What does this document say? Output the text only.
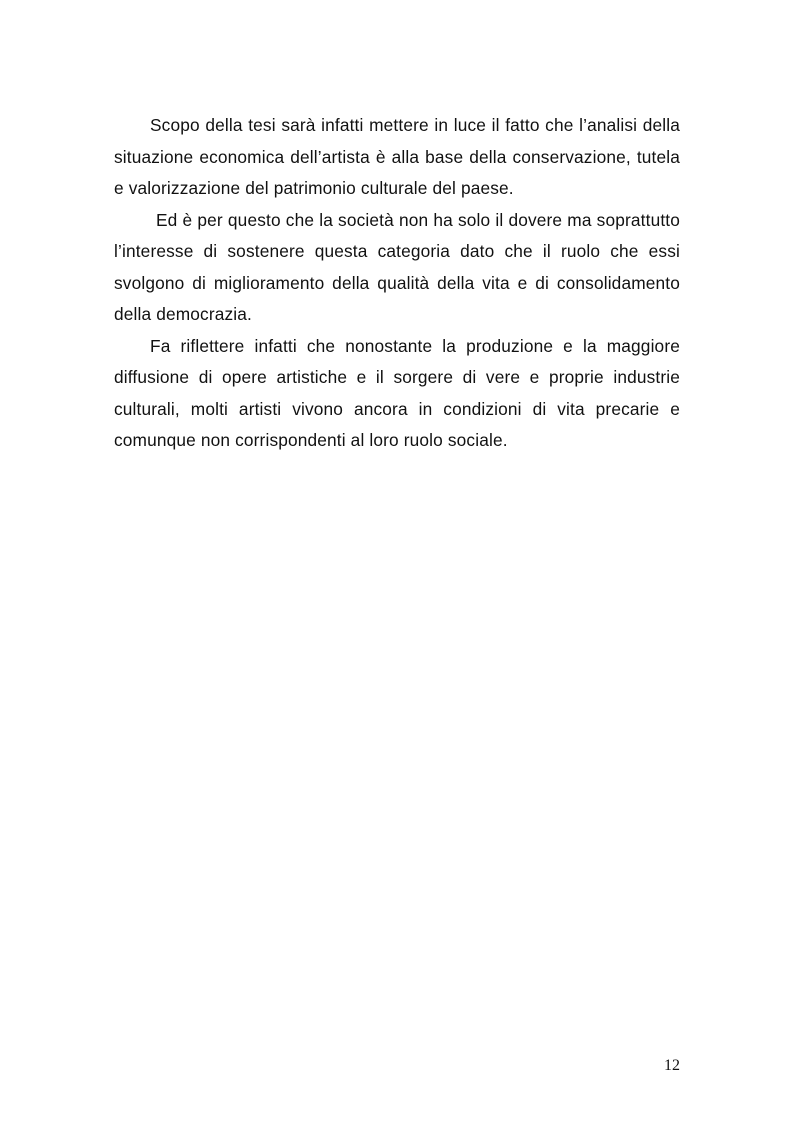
Scopo della tesi sarà infatti mettere in luce il fatto che l’analisi della situazione economica dell’artista è alla base della conservazione, tutela e valorizzazione del patrimonio culturale del paese.

Ed è per questo che la società non ha solo il dovere ma soprattutto l’interesse di sostenere questa categoria dato che il ruolo che essi svolgono di miglioramento della qualità della vita e di consolidamento della democrazia.

Fa riflettere infatti che nonostante la produzione e la maggiore diffusione di opere artistiche e il sorgere di vere e proprie industrie culturali, molti artisti vivono ancora in condizioni di vita precarie e comunque non corrispondenti al loro ruolo sociale.

12
